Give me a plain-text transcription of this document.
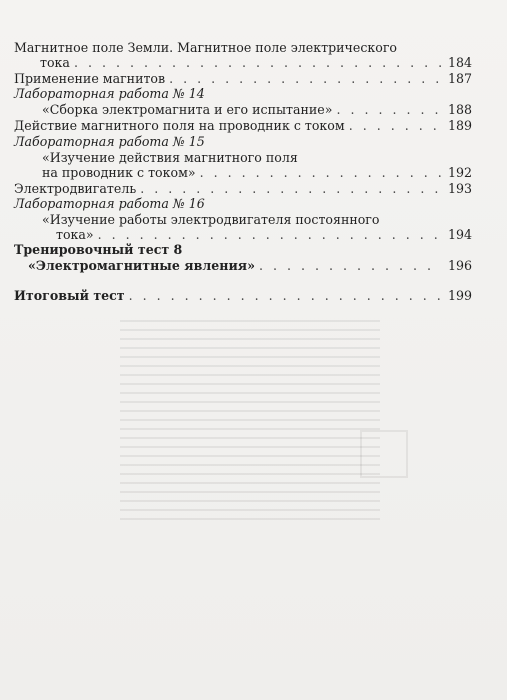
Магнитное поле Земли. Магнитное поле электрического
тока . . .	184
Применение магнитов . . .	187
Лабораторная работа № 14
«Сборка электромагнита и его испытание» . . .	188
Действие магнитного поля на проводник с током . . .	189
Лабораторная работа № 15
«Изучение действия магнитного поля
на проводник с током» . . .	192
Электродвигатель . . .	193
Лабораторная работа № 16
«Изучение работы электродвигателя постоянного
тока» . . .	194
Тренировочный тест 8
«Электромагнитные явления» . . .	196
Итоговый тест . . .	199
